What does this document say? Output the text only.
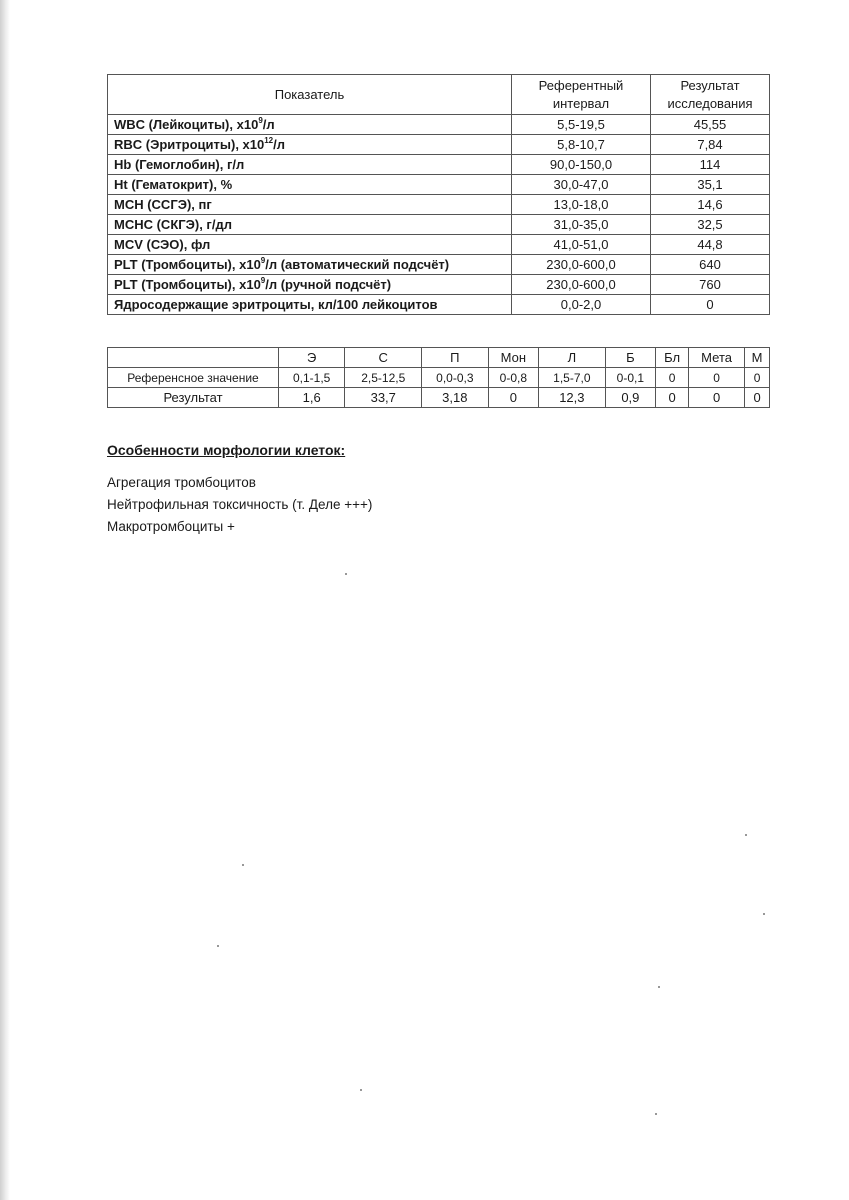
Показатель	Референтный интервал	Результат исследования
WBC (Лейкоциты), $х10^9/л$	5,5-19,5	45,55
RBC (Эритроциты), $х10^{12}/л$	5,8-10,7	7,84
Hb (Гемоглобин), г/л	90,0-150,0	114
Ht (Гематокрит), %	30,0-47,0	35,1
MCH (ССГЭ), пг	13,0-18,0	14,6
MCHC (СКГЭ), г/дл	31,0-35,0	32,5
MCV (СЭО), фл	41,0-51,0	44,8
PLT (Тромбоциты), $х10^9/л$ (автоматический подсчёт)	230,0-600,0	640
PLT (Тромбоциты), $х10^9/л$ (ручной подсчёт)	230,0-600,0	760
Ядросодержащие эритроциты, кл/100 лейкоцитов	0,0-2,0	0
	Э	С	П	Мон	Л	Б	Бл	Мета	М
Референсное значение	0,1-1,5	2,5-12,5	0,0-0,3	0-0,8	1,5-7,0	0-0,1	0	0	0
Результат	1,6	33,7	3,18	0	12,3	0,9	0	0	0
Особенности морфологии клеток:
Агрегация тромбоцитов
Нейтрофильная токсичность (т. Деле +++)
Макротромбоциты +
